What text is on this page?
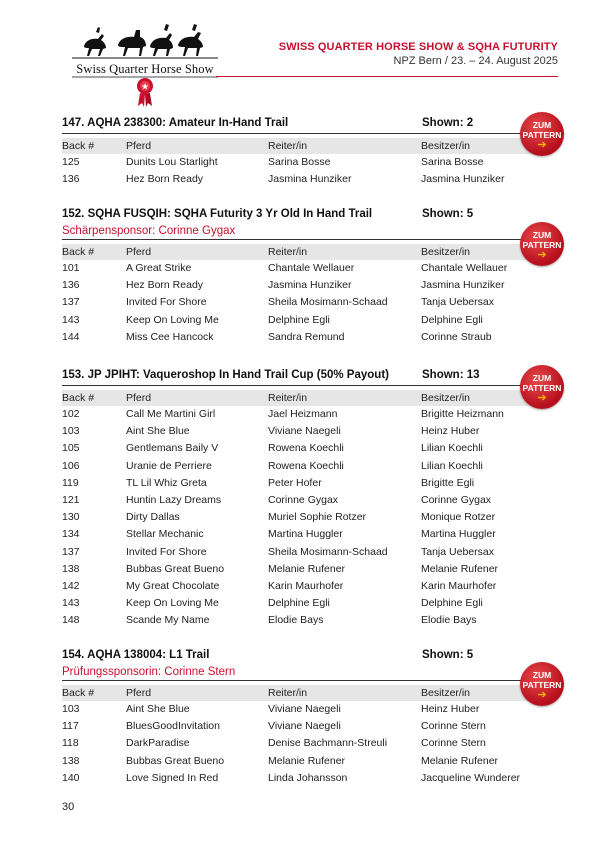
★
Swiss Quarter Horse Show
SWISS QUARTER HORSE SHOW & SQHA FUTURITY
NPZ Bern / 23. – 24. August 2025
147. AQHA 238300: Amateur In-Hand Trail	Shown: 2
Back #	Pferd	Reiter/in	Besitzer/in
125	Dunits Lou Starlight	Sarina Bosse	Sarina Bosse
136	Hez Born Ready	Jasmina Hunziker	Jasmina Hunziker
ZUM
PATTERN
➔
152. SQHA FUSQIH: SQHA Futurity 3 Yr Old In Hand Trail	Shown: 5
Schärpensponsor: Corinne Gygax
Back #	Pferd	Reiter/in	Besitzer/in
101	A Great Strike	Chantale Wellauer	Chantale Wellauer
136	Hez Born Ready	Jasmina Hunziker	Jasmina Hunziker
137	Invited For Shore	Sheila Mosimann-Schaad	Tanja Uebersax
143	Keep On Loving Me	Delphine Egli	Delphine Egli
144	Miss Cee Hancock	Sandra Remund	Corinne Straub
ZUM
PATTERN
➔
153. JP JPIHT: Vaqueroshop In Hand Trail Cup (50% Payout)	Shown: 13
Back #	Pferd	Reiter/in	Besitzer/in
102	Call Me Martini Girl	Jael Heizmann	Brigitte Heizmann
103	Aint She Blue	Viviane Naegeli	Heinz Huber
105	Gentlemans Baily V	Rowena Koechli	Lilian Koechli
106	Uranie de Perriere	Rowena Koechli	Lilian Koechli
119	TL Lil Whiz Greta	Peter Hofer	Brigitte Egli
121	Huntin Lazy Dreams	Corinne Gygax	Corinne Gygax
130	Dirty Dallas	Muriel Sophie Rotzer	Monique Rotzer
134	Stellar Mechanic	Martina Huggler	Martina Huggler
137	Invited For Shore	Sheila Mosimann-Schaad	Tanja Uebersax
138	Bubbas Great Bueno	Melanie Rufener	Melanie Rufener
142	My Great Chocolate	Karin Maurhofer	Karin Maurhofer
143	Keep On Loving Me	Delphine Egli	Delphine Egli
148	Scande My Name	Elodie Bays	Elodie Bays
ZUM
PATTERN
➔
154. AQHA 138004: L1 Trail	Shown: 5
Prüfungssponsorin: Corinne Stern
Back #	Pferd	Reiter/in	Besitzer/in
103	Aint She Blue	Viviane Naegeli	Heinz Huber
117	BluesGoodInvitation	Viviane Naegeli	Corinne Stern
118	DarkParadise	Denise Bachmann-Streuli	Corinne Stern
138	Bubbas Great Bueno	Melanie Rufener	Melanie Rufener
140	Love Signed In Red	Linda Johansson	Jacqueline Wunderer
ZUM
PATTERN
➔
30
